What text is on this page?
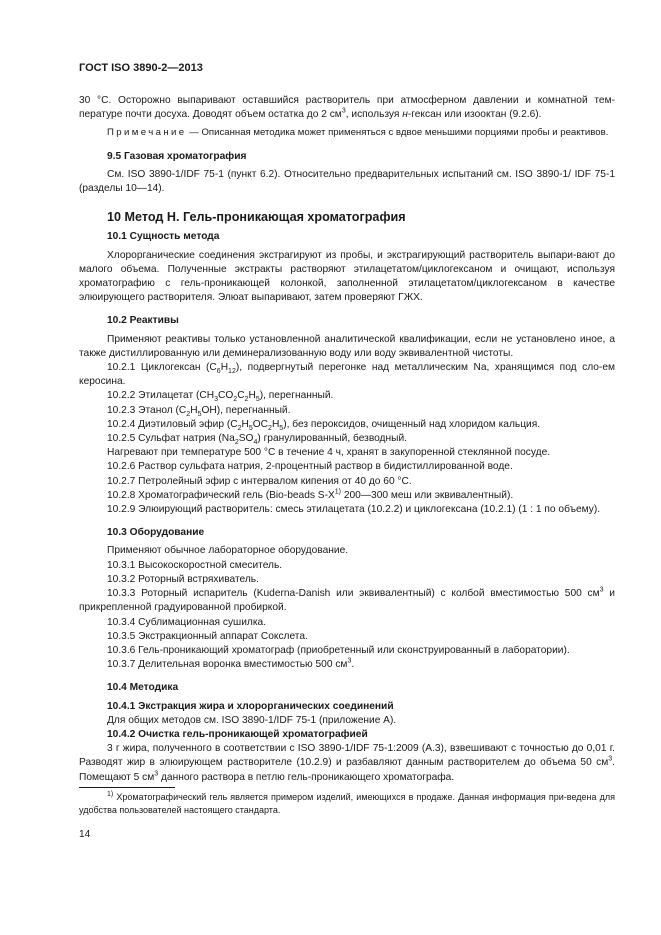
ГОСТ ISO 3890-2—2013

30 °С. Осторожно выпаривают оставшийся растворитель при атмосферном давлении и комнатной тем-пературе почти досуха. Доводят объем остатка до 2 $см^3$, используя н-гексан или изооктан (9.2.6).

Примечание — Описанная методика может применяться с вдвое меньшими порциями пробы и реактивов.

9.5 Газовая хроматография

См. ISO 3890-1/IDF 75-1 (пункт 6.2). Относительно предварительных испытаний см. ISO 3890-1/ IDF 75-1 (разделы 10—14).

10 Метод Н. Гель-проникающая хроматография
10.1 Сущность метода

Хлорорганические соединения экстрагируют из пробы, и экстрагирующий растворитель выпари-вают до малого объема. Полученные экстракты растворяют этилацетатом/циклогексаном и очищают, используя хроматографию с гель-проникающей колонкой, заполненной этилацетатом/циклогексаном в качестве элюирующего растворителя. Элюат выпаривают, затем проверяют ГЖХ.

10.2 Реактивы

Применяют реактивы только установленной аналитической квалификации, если не установлено иное, а также дистиллированную или деминерализованную воду или воду эквивалентной чистоты.

10.2.1 Циклогексан $(C_6H_{12})$, подвергнутый перегонке над металлическим Na, хранящимся под сло-ем керосина.

10.2.2 Этилацетат $(CH_3CO_2C_2H_5)$, перегнанный.

10.2.3 Этанол $(C_2H_5OH)$, перегнанный.

10.2.4 Диэтиловый эфир $(C_2H_5OC_2H_5)$, без пероксидов, очищенный над хлоридом кальция.

10.2.5 Сульфат натрия $(Na_2SO_4)$ гранулированный, безводный.

Нагревают при температуре 500 °С в течение 4 ч, хранят в закупоренной стеклянной посуде.

10.2.6 Раствор сульфата натрия, 2-процентный раствор в бидистиллированной воде.

10.2.7 Петролейный эфир с интервалом кипения от 40 до 60 °С.

10.2.8 Хроматографический гель (Bio-beads $S-X^{1)}$ 200—300 меш или эквивалентный).

10.2.9 Элюирующий растворитель: смесь этилацетата (10.2.2) и циклогексана (10.2.1) (1 : 1 по объему).

10.3 Оборудование

Применяют обычное лабораторное оборудование.

10.3.1 Высокоскоростной смеситель.

10.3.2 Роторный встряхиватель.

10.3.3 Роторный испаритель (Kuderna-Danish или эквивалентный) с колбой вместимостью 500 $см^3$ и прикрепленной градуированной пробиркой.

10.3.4 Сублимационная сушилка.

10.3.5 Экстракционный аппарат Сокслета.

10.3.6 Гель-проникающий хроматограф (приобретенный или сконструированный в лаборатории).

10.3.7 Делительная воронка вместимостью 500 $см^3$.

10.4 Методика
10.4.1 Экстракция жира и хлорорганических соединений

Для общих методов см. ISO 3890-1/IDF 75-1 (приложение А).

10.4.2 Очистка гель-проникающей хроматографией

3 г жира, полученного в соответствии с ISO 3890-1/IDF 75-1:2009 (А.3), взвешивают с точностью до 0,01 г. Разводят жир в элюирующем растворителе (10.2.9) и разбавляют данным растворителем до объема 50 $см^3$. Помещают 5 $см^3$ данного раствора в петлю гель-проникающего хроматографа.

$^{1)}$ Хроматографический гель является примером изделий, имеющихся в продаже. Данная информация при-ведена для удобства пользователей настоящего стандарта.
14
